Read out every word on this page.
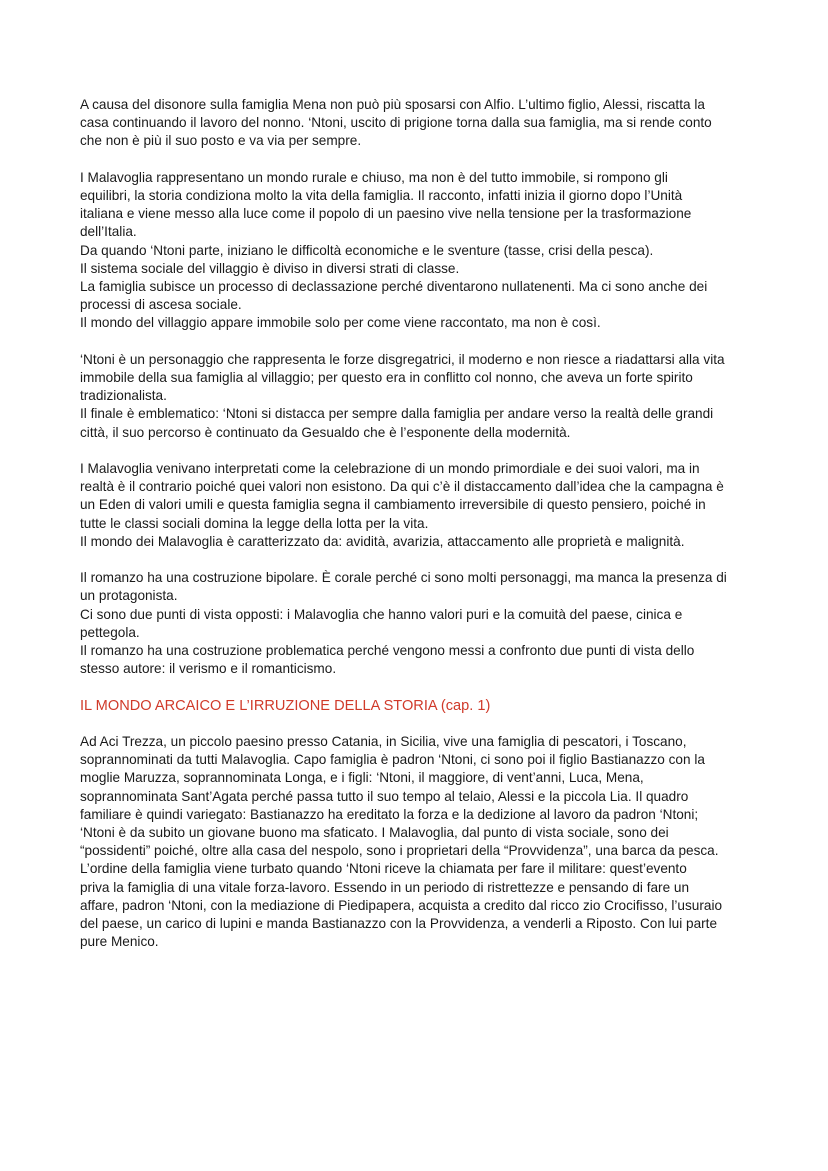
A causa del disonore sulla famiglia Mena non può più sposarsi con Alfio. L’ultimo figlio, Alessi, riscatta la
casa continuando il lavoro del nonno. ‘Ntoni, uscito di prigione torna dalla sua famiglia, ma si rende conto
che non è più il suo posto e va via per sempre.
I Malavoglia rappresentano un mondo rurale e chiuso, ma non è del tutto immobile, si rompono gli
equilibri, la storia condiziona molto la vita della famiglia. Il racconto, infatti inizia il giorno dopo l’Unità
italiana e viene messo alla luce come il popolo di un paesino vive nella tensione per la trasformazione
dell’Italia.
Da quando ‘Ntoni parte, iniziano le difficoltà economiche e le sventure (tasse, crisi della pesca).
Il sistema sociale del villaggio è diviso in diversi strati di classe.
La famiglia subisce un processo di declassazione perché diventarono nullatenenti. Ma ci sono anche dei
processi di ascesa sociale.
Il mondo del villaggio appare immobile solo per come viene raccontato, ma non è così.
‘Ntoni è un personaggio che rappresenta le forze disgregatrici, il moderno e non riesce a riadattarsi alla vita
immobile della sua famiglia al villaggio; per questo era in conflitto col nonno, che aveva un forte spirito
tradizionalista.
Il finale è emblematico: ‘Ntoni si distacca per sempre dalla famiglia per andare verso la realtà delle grandi
città, il suo percorso è continuato da Gesualdo che è l’esponente della modernità.
I Malavoglia venivano interpretati come la celebrazione di un mondo primordiale e dei suoi valori, ma in
realtà è il contrario poiché quei valori non esistono. Da qui c’è il distaccamento dall’idea che la campagna è
un Eden di valori umili e questa famiglia segna il cambiamento irreversibile di questo pensiero, poiché in
tutte le classi sociali domina la legge della lotta per la vita.
Il mondo dei Malavoglia è caratterizzato da: avidità, avarizia, attaccamento alle proprietà e malignità.
Il romanzo ha una costruzione bipolare. È corale perché ci sono molti personaggi, ma manca la presenza di
un protagonista.
Ci sono due punti di vista opposti: i Malavoglia che hanno valori puri e la comuità del paese, cinica e
pettegola.
Il romanzo ha una costruzione problematica perché vengono messi a confronto due punti di vista dello
stesso autore: il verismo e il romanticismo.
IL MONDO ARCAICO E L’IRRUZIONE DELLA STORIA (cap. 1)
Ad Aci Trezza, un piccolo paesino presso Catania, in Sicilia, vive una famiglia di pescatori, i Toscano,
soprannominati da tutti Malavoglia. Capo famiglia è padron ‘Ntoni, ci sono poi il figlio Bastianazzo con la
moglie Maruzza, soprannominata Longa, e i figli: ‘Ntoni, il maggiore, di vent’anni, Luca, Mena,
soprannominata Sant’Agata perché passa tutto il suo tempo al telaio, Alessi e la piccola Lia. Il quadro
familiare è quindi variegato: Bastianazzo ha ereditato la forza e la dedizione al lavoro da padron ‘Ntoni;
‘Ntoni è da subito un giovane buono ma sfaticato. I Malavoglia, dal punto di vista sociale, sono dei
“possidenti” poiché, oltre alla casa del nespolo, sono i proprietari della “Provvidenza”, una barca da pesca.
L’ordine della famiglia viene turbato quando ‘Ntoni riceve la chiamata per fare il militare: quest’evento
priva la famiglia di una vitale forza-lavoro. Essendo in un periodo di ristrettezze e pensando di fare un
affare, padron ‘Ntoni, con la mediazione di Piedipapera, acquista a credito dal ricco zio Crocifisso, l’usuraio
del paese, un carico di lupini e manda Bastianazzo con la Provvidenza, a venderli a Riposto. Con lui parte
pure Menico.
